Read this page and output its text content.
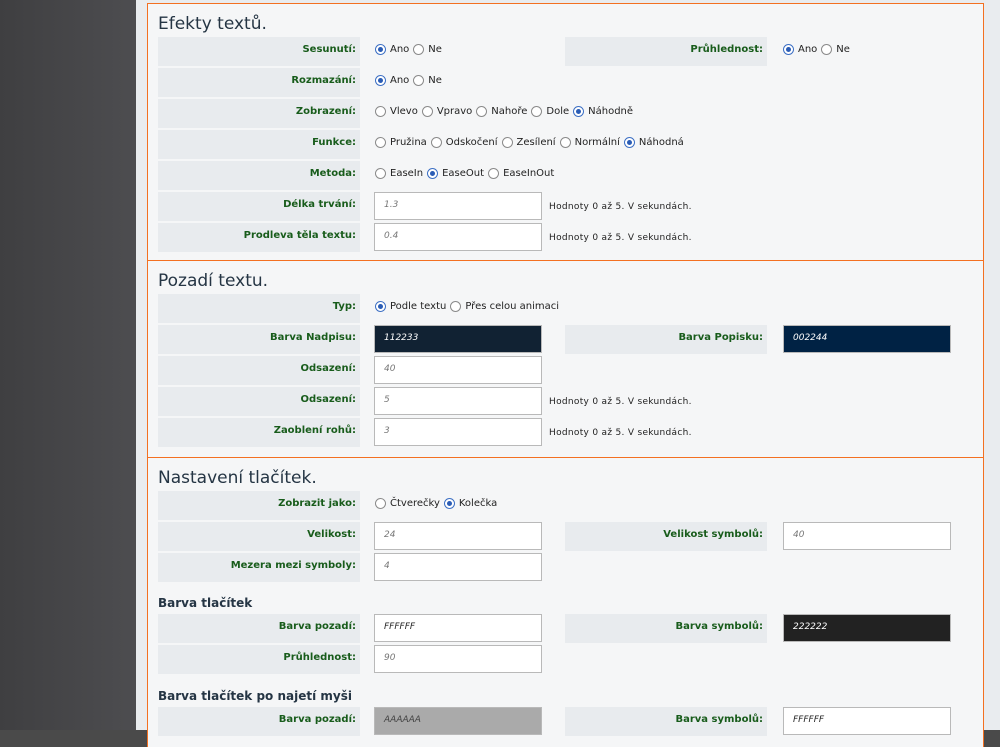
Efekty textů.
Sesunutí:	Ano Ne	Průhlednost:	Ano Ne
Rozmazání:	Ano Ne
Zobrazení:	Vlevo Vpravo Nahoře Dole Náhodně
Funkce:	Pružina Odskočení Zesílení Normální Náhodná
Metoda:	EaseIn EaseOut EaseInOut
Délka trvání:	1.3	Hodnoty 0 až 5. V sekundách.
Prodleva těla textu:	0.4	Hodnoty 0 až 5. V sekundách.
Pozadí textu.
Typ:	Podle textu Přes celou animaci
Barva Nadpisu:	112233	Barva Popisku:	002244
Odsazení:	40
Odsazení:	5	Hodnoty 0 až 5. V sekundách.
Zaoblení rohů:	3	Hodnoty 0 až 5. V sekundách.
Nastavení tlačítek.
Zobrazit jako:	Čtverečky Kolečka
Velikost:	24	Velikost symbolů:	40
Mezera mezi symboly:	4
Barva tlačítek
Barva pozadí:	FFFFFF	Barva symbolů:	222222
Průhlednost:	90
Barva tlačítek po najetí myši
Barva pozadí:	AAAAAA	Barva symbolů:	FFFFFF
